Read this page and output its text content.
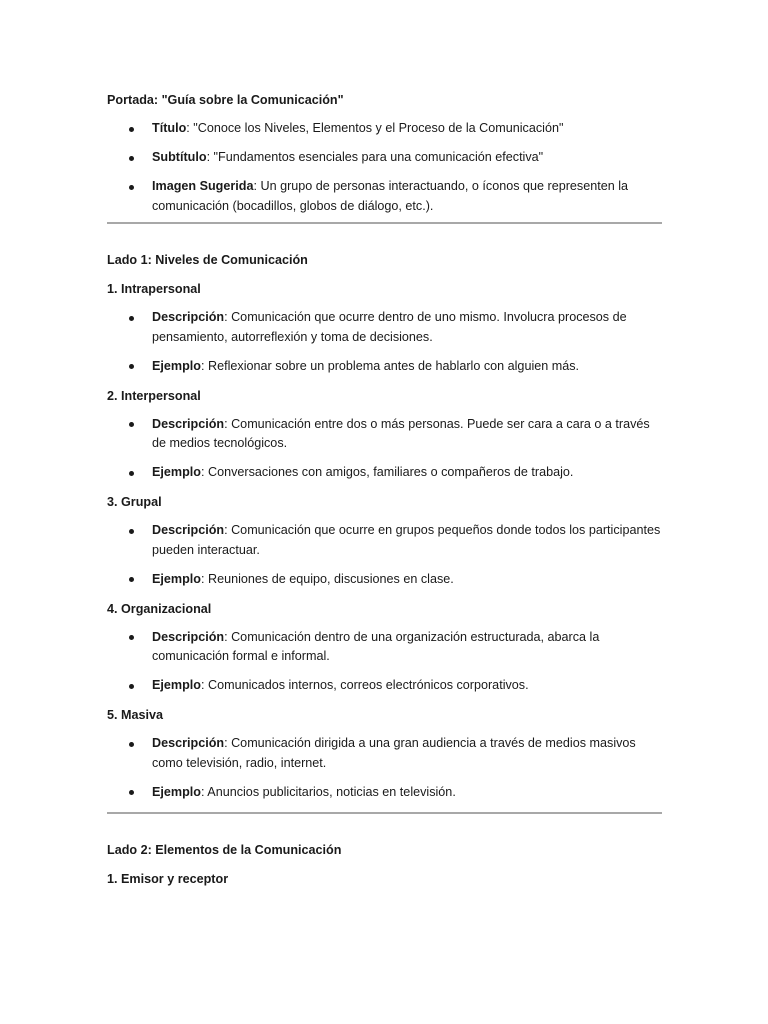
Portada: "Guía sobre la Comunicación"

Título: "Conoce los Niveles, Elementos y el Proceso de la Comunicación"
Subtítulo: "Fundamentos esenciales para una comunicación efectiva"
Imagen Sugerida: Un grupo de personas interactuando, o íconos que representen la comunicación (bocadillos, globos de diálogo, etc.).

Lado 1: Niveles de Comunicación

1. Intrapersonal
Descripción: Comunicación que ocurre dentro de uno mismo. Involucra procesos de pensamiento, autorreflexión y toma de decisiones.
Ejemplo: Reflexionar sobre un problema antes de hablarlo con alguien más.
2. Interpersonal
Descripción: Comunicación entre dos o más personas. Puede ser cara a cara o a través de medios tecnológicos.
Ejemplo: Conversaciones con amigos, familiares o compañeros de trabajo.
3. Grupal
Descripción: Comunicación que ocurre en grupos pequeños donde todos los participantes pueden interactuar.
Ejemplo: Reuniones de equipo, discusiones en clase.
4. Organizacional
Descripción: Comunicación dentro de una organización estructurada, abarca la comunicación formal e informal.
Ejemplo: Comunicados internos, correos electrónicos corporativos.
5. Masiva
Descripción: Comunicación dirigida a una gran audiencia a través de medios masivos como televisión, radio, internet.
Ejemplo: Anuncios publicitarios, noticias en televisión.

Lado 2: Elementos de la Comunicación

1. Emisor y receptor
